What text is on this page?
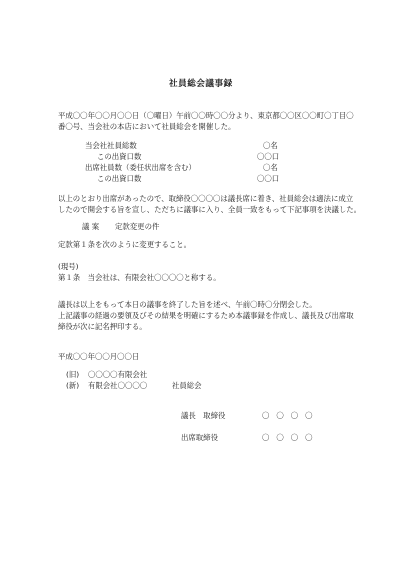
社員総会議事録
平成〇〇年〇〇月〇〇日（〇曜日）午前〇〇時〇〇分より、東京都〇〇区〇〇町〇丁目〇
番〇号、当会社の本店において社員総会を開催した。
当会社社員総数	〇名
この出資口数	〇〇口
出席社員数（委任状出席を含む）	〇名
この出資口数	〇〇口
以上のとおり出席があったので、取締役〇〇〇〇は議長席に着き、社員総会は適法に成立
したので開会する旨を宣し、ただちに議事に入り、全員一致をもって下記事項を決議した。
議 案 定款変更の件
定款第１条を次のように変更すること。
(現号)
第１条　当会社は、有限会社〇〇〇〇と称する。
議長は以上をもって本日の議事を終了した旨を述べ、午前〇時〇分閉会した。
上記議事の経過の要領及びその結果を明確にするため本議事録を作成し、議長及び出席取
締役が次に記名押印する。
平成〇〇年〇〇月〇〇日
(旧) 〇〇〇〇有限会社
(新) 有限会社〇〇〇〇	社員総会
議長　取締役	〇〇〇〇
出席取締役	〇〇〇〇
